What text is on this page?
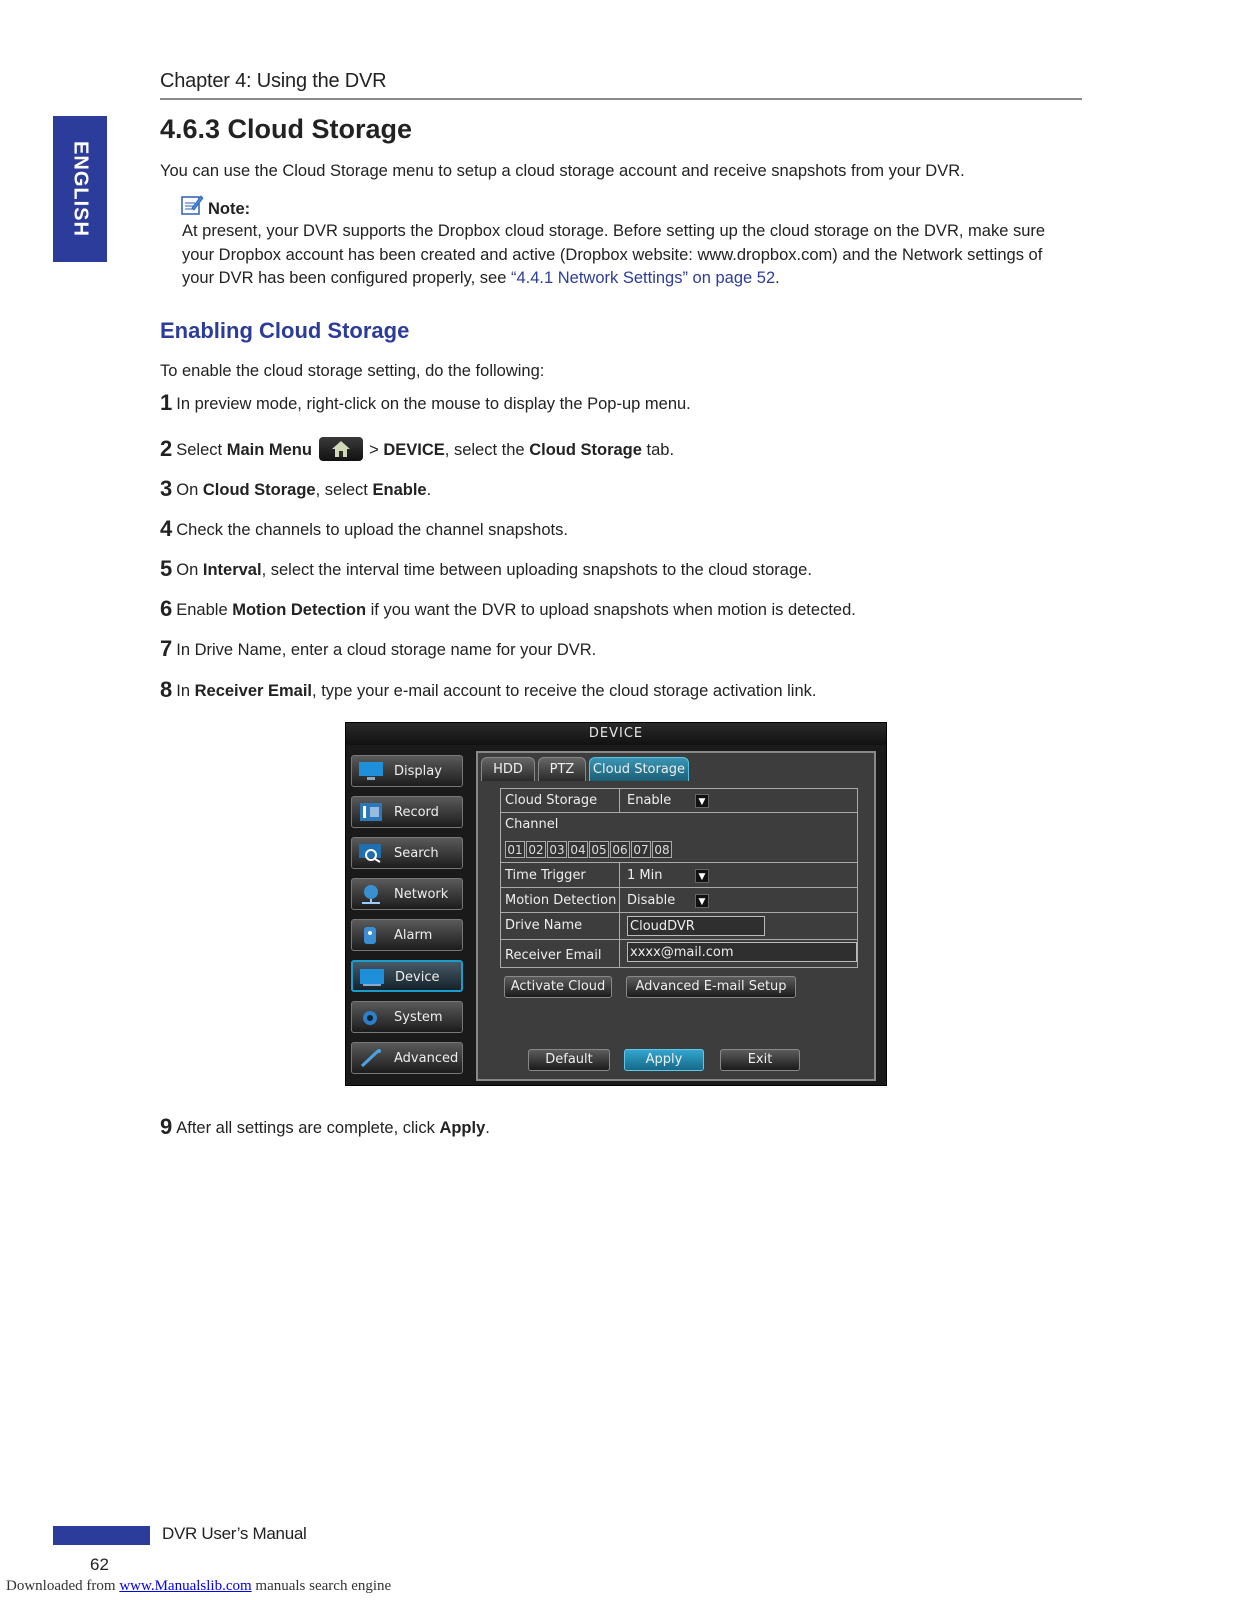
Chapter 4: Using the DVR
ENGLISH
4.6.3 Cloud Storage
You can use the Cloud Storage menu to setup a cloud storage account and receive snapshots from your DVR.
Note:
At present, your DVR supports the Dropbox cloud storage. Before setting up the cloud storage on the DVR, make sure your Dropbox account has been created and active (Dropbox website: www.dropbox.com) and the Network settings of your DVR has been configured properly, see “4.4.1 Network Settings” on page 52.
Enabling Cloud Storage
To enable the cloud storage setting, do the following:
1 In preview mode, right-click on the mouse to display the Pop-up menu.
2 Select Main Menu	> DEVICE, select the Cloud Storage tab.
3 On Cloud Storage, select Enable.
4 Check the channels to upload the channel snapshots.
5 On Interval, select the interval time between uploading snapshots to the cloud storage.
6 Enable Motion Detection if you want the DVR to upload snapshots when motion is detected.
7 In Drive Name, enter a cloud storage name for your DVR.
8 In Receiver Email, type your e-mail account to receive the cloud storage activation link.
DEVICE
Display
Record
Search
Network
Alarm
Device
System
Advanced
HDD	PTZ	Cloud Storage
Cloud Storage Enable	▼
Channel
01 02 03 04 05 06 07 08
Time Trigger	1 Min	▼
Motion Detection Disable	▼
Drive Name	CloudDVR
Receiver Email xxxx@mail.com
Activate Cloud	Advanced E-mail Setup
Default	Apply	Exit
9 After all settings are complete, click Apply.
DVR User’s Manual
62
Downloaded from www.Manualslib.com manuals search engine
